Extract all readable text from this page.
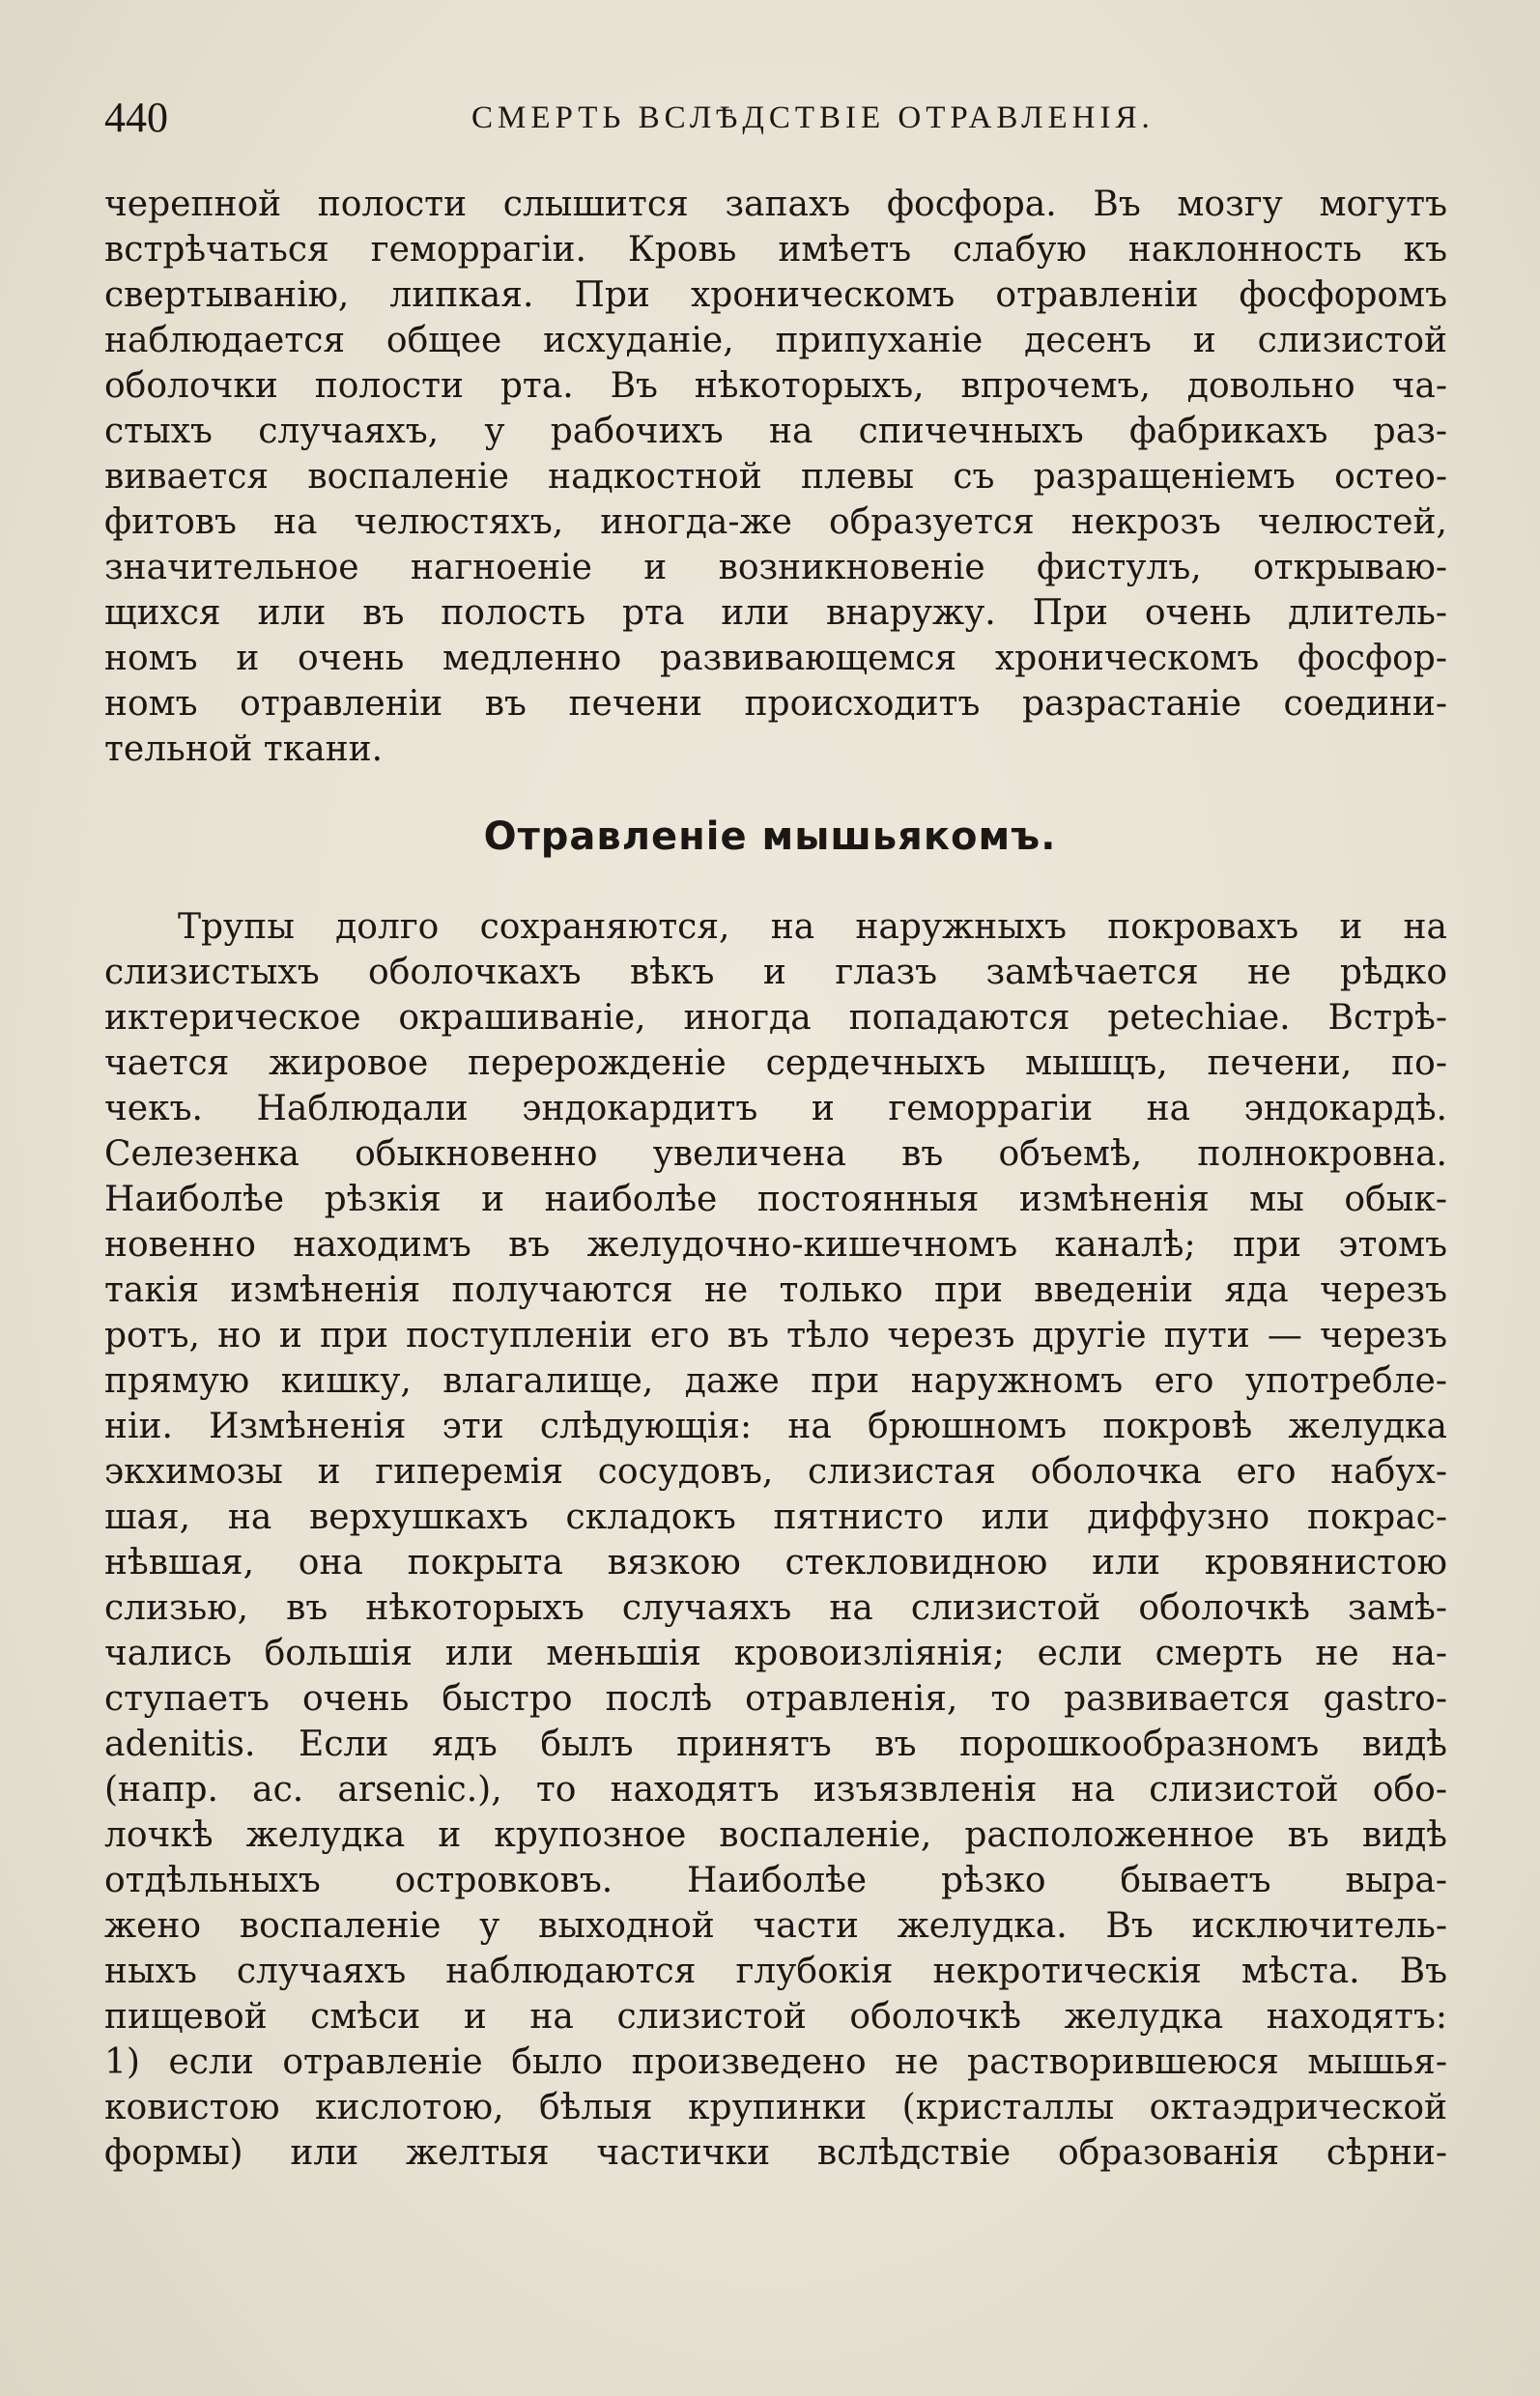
440	СМЕРТЬ ВСЛѢДСТВІЕ ОТРАВЛЕНІЯ.
черепной полости слышится запахъ фосфора. Въ мозгу могутъ
встрѣчаться геморрагіи. Кровь имѣетъ слабую наклонность къ
свертыванію, липкая. При хроническомъ отравленіи фосфоромъ
наблюдается общее исхуданіе, припуханіе десенъ и слизистой
оболочки полости рта. Въ нѣкоторыхъ, впрочемъ, довольно ча-
стыхъ случаяхъ, у рабочихъ на спичечныхъ фабрикахъ раз-
вивается воспаленіе надкостной плевы съ разращеніемъ остео-
фитовъ на челюстяхъ, иногда-же образуется некрозъ челюстей,
значительное нагноеніе и возникновеніе фистулъ, открываю-
щихся или въ полость рта или внаружу. При очень длитель-
номъ и очень медленно развивающемся хроническомъ фосфор-
номъ отравленіи въ печени происходитъ разрастаніе соедини-
тельной ткани.
Отравленіе мышьякомъ.
Трупы долго сохраняются, на наружныхъ покровахъ и на
слизистыхъ оболочкахъ вѣкъ и глазъ замѣчается не рѣдко
иктерическое окрашиваніе, иногда попадаются petechiae. Встрѣ-
чается жировое перерожденіе сердечныхъ мышцъ, печени, по-
чекъ. Наблюдали эндокардитъ и геморрагіи на эндокардѣ.
Селезенка обыкновенно увеличена въ объемѣ, полнокровна.
Наиболѣе рѣзкія и наиболѣе постоянныя измѣненія мы обык-
новенно находимъ въ желудочно-кишечномъ каналѣ; при этомъ
такія измѣненія получаются не только при введеніи яда черезъ
ротъ, но и при поступленіи его въ тѣло черезъ другіе пути — черезъ
прямую кишку, влагалище, даже при наружномъ его употребле-
ніи. Измѣненія эти слѣдующія: на брюшномъ покровѣ желудка
экхимозы и гиперемія сосудовъ, слизистая оболочка его набух-
шая, на верхушкахъ складокъ пятнисто или диффузно покрас-
нѣвшая, она покрыта вязкою стекловидною или кровянистою
слизью, въ нѣкоторыхъ случаяхъ на слизистой оболочкѣ замѣ-
чались большія или меньшія кровоизліянія; если смерть не на-
ступаетъ очень быстро послѣ отравленія, то развивается gastro-
adenitis. Если ядъ былъ принятъ въ порошкообразномъ видѣ
(напр. ac. arsenic.), то находятъ изъязвленія на слизистой обо-
лочкѣ желудка и крупозное воспаленіе, расположенное въ видѣ
отдѣльныхъ островковъ. Наиболѣе рѣзко бываетъ выра-
жено воспаленіе у выходной части желудка. Въ исключитель-
ныхъ случаяхъ наблюдаются глубокія некротическія мѣста. Въ
пищевой смѣси и на слизистой оболочкѣ желудка находятъ:
1) если отравленіе было произведено не растворившеюся мышья-
ковистою кислотою, бѣлыя крупинки (кристаллы октаэдрической
формы) или желтыя частички вслѣдствіе образованія сѣрни-
